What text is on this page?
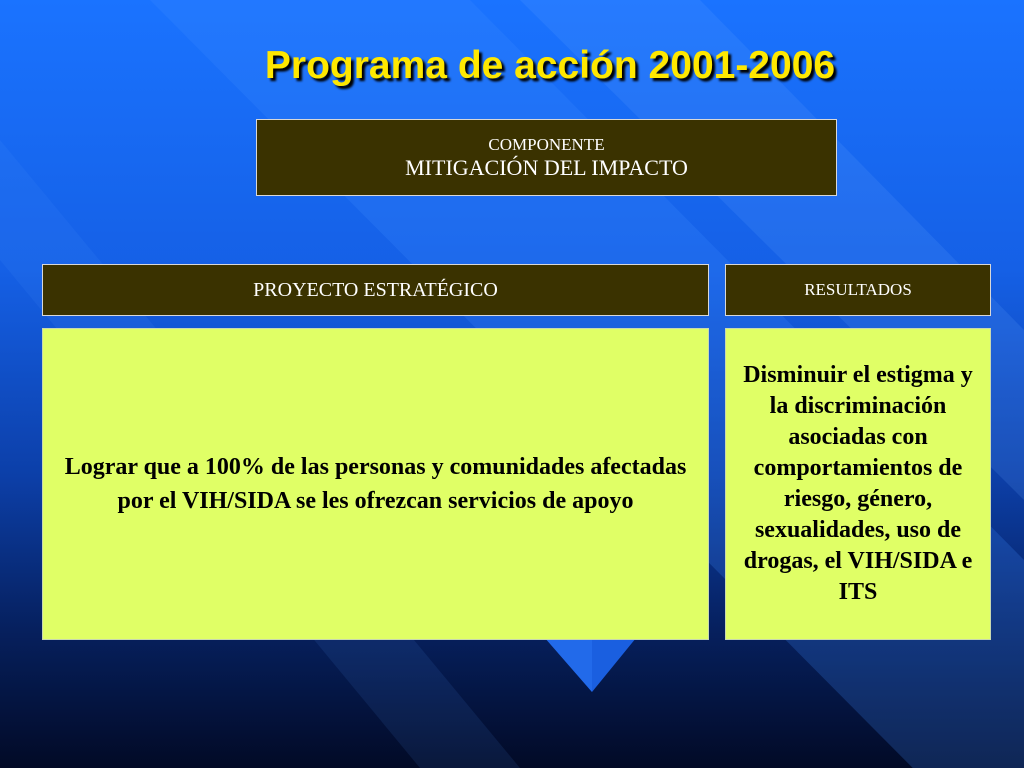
Programa de acción 2001-2006
COMPONENTE
MITIGACIÓN DEL IMPACTO
PROYECTO ESTRATÉGICO	RESULTADOS
Lograr que a 100% de las personas y comunidades afectadas por el VIH/SIDA se les ofrezcan servicios de apoyo
Disminuir el estigma y la discriminación asociadas con comportamientos de riesgo, género, sexualidades, uso de drogas, el VIH/SIDA e ITS
